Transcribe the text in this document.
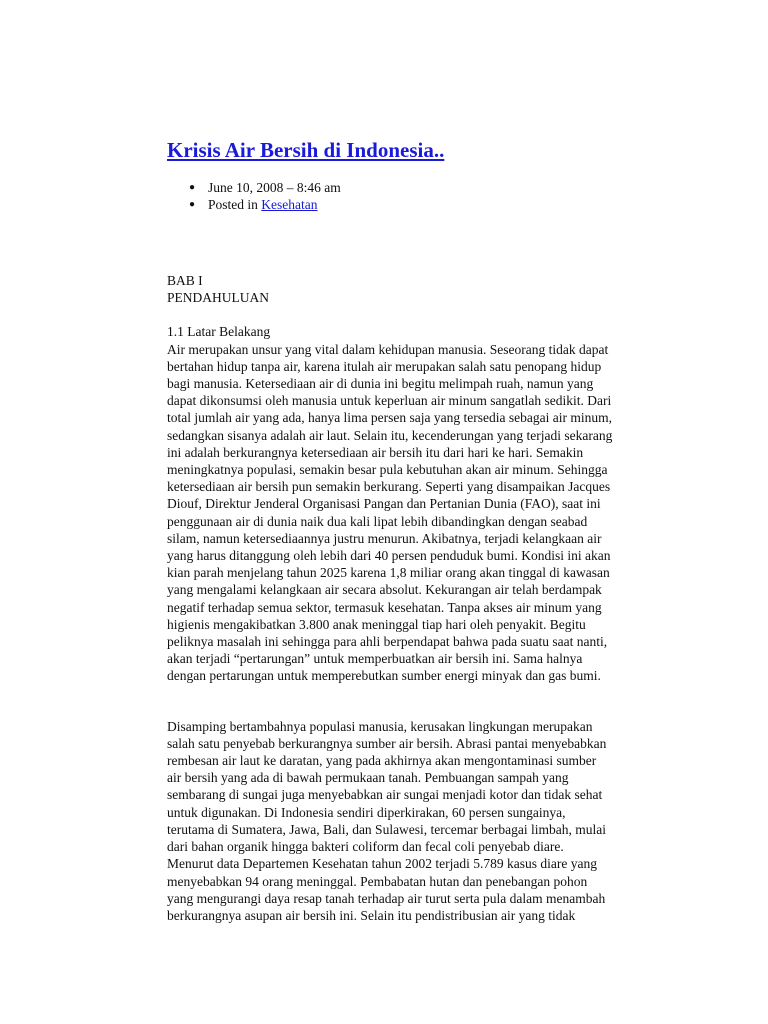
Krisis Air Bersih di Indonesia..
● June 10, 2008 – 8:46 am
● Posted in Kesehatan
BAB I
PENDAHULUAN
1.1 Latar Belakang
Air merupakan unsur yang vital dalam kehidupan manusia. Seseorang tidak dapat
bertahan hidup tanpa air, karena itulah air merupakan salah satu penopang hidup
bagi manusia. Ketersediaan air di dunia ini begitu melimpah ruah, namun yang
dapat dikonsumsi oleh manusia untuk keperluan air minum sangatlah sedikit. Dari
total jumlah air yang ada, hanya lima persen saja yang tersedia sebagai air minum,
sedangkan sisanya adalah air laut. Selain itu, kecenderungan yang terjadi sekarang
ini adalah berkurangnya ketersediaan air bersih itu dari hari ke hari. Semakin
meningkatnya populasi, semakin besar pula kebutuhan akan air minum. Sehingga
ketersediaan air bersih pun semakin berkurang. Seperti yang disampaikan Jacques
Diouf, Direktur Jenderal Organisasi Pangan dan Pertanian Dunia (FAO), saat ini
penggunaan air di dunia naik dua kali lipat lebih dibandingkan dengan seabad
silam, namun ketersediaannya justru menurun. Akibatnya, terjadi kelangkaan air
yang harus ditanggung oleh lebih dari 40 persen penduduk bumi. Kondisi ini akan
kian parah menjelang tahun 2025 karena 1,8 miliar orang akan tinggal di kawasan
yang mengalami kelangkaan air secara absolut. Kekurangan air telah berdampak
negatif terhadap semua sektor, termasuk kesehatan. Tanpa akses air minum yang
higienis mengakibatkan 3.800 anak meninggal tiap hari oleh penyakit. Begitu
peliknya masalah ini sehingga para ahli berpendapat bahwa pada suatu saat nanti,
akan terjadi “pertarungan” untuk memperbuatkan air bersih ini. Sama halnya
dengan pertarungan untuk memperebutkan sumber energi minyak dan gas bumi.
Disamping bertambahnya populasi manusia, kerusakan lingkungan merupakan
salah satu penyebab berkurangnya sumber air bersih. Abrasi pantai menyebabkan
rembesan air laut ke daratan, yang pada akhirnya akan mengontaminasi sumber
air bersih yang ada di bawah permukaan tanah. Pembuangan sampah yang
sembarang di sungai juga menyebabkan air sungai menjadi kotor dan tidak sehat
untuk digunakan. Di Indonesia sendiri diperkirakan, 60 persen sungainya,
terutama di Sumatera, Jawa, Bali, dan Sulawesi, tercemar berbagai limbah, mulai
dari bahan organik hingga bakteri coliform dan fecal coli penyebab diare.
Menurut data Departemen Kesehatan tahun 2002 terjadi 5.789 kasus diare yang
menyebabkan 94 orang meninggal. Pembabatan hutan dan penebangan pohon
yang mengurangi daya resap tanah terhadap air turut serta pula dalam menambah
berkurangnya asupan air bersih ini. Selain itu pendistribusian air yang tidak
